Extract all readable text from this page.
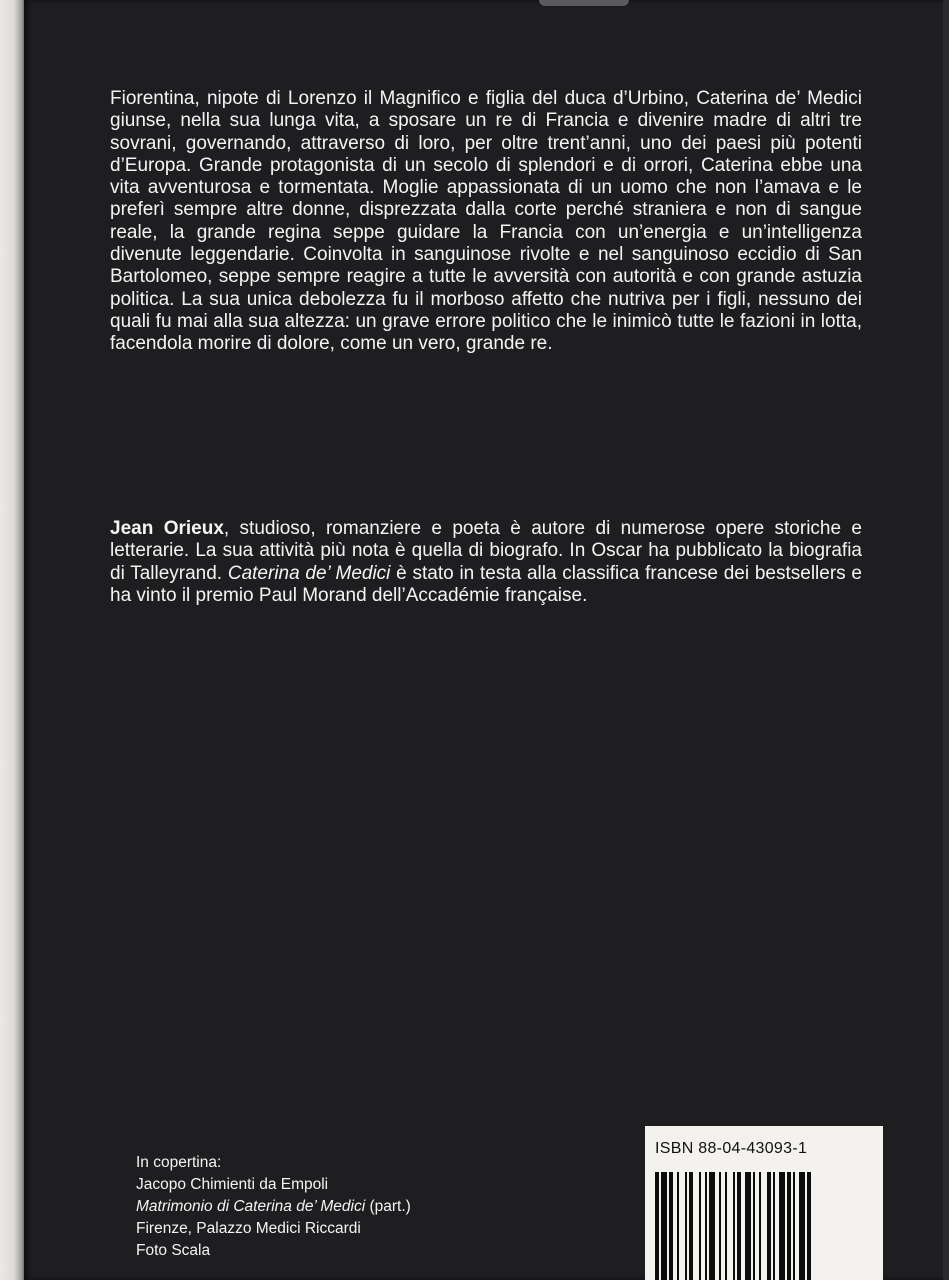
Fiorentina, nipote di Lorenzo il Magnifico e figlia del duca d’Urbino, Caterina de’ Medici giunse, nella sua lunga vita, a sposare un re di Francia e divenire madre di altri tre sovrani, governando, attraverso di loro, per oltre trent’anni, uno dei paesi più potenti d’Europa. Grande protagonista di un secolo di splendori e di orrori, Caterina ebbe una vita avventurosa e tormentata. Moglie appassionata di un uomo che non l’amava e le preferì sempre altre donne, disprezzata dalla corte perché straniera e non di sangue reale, la grande regina seppe guidare la Francia con un’energia e un’intelligenza divenute leggendarie. Coinvolta in sanguinose rivolte e nel sanguinoso eccidio di San Bartolomeo, seppe sempre reagire a tutte le avversità con autorità e con grande astuzia politica. La sua unica debolezza fu il morboso affetto che nutriva per i figli, nessuno dei quali fu mai alla sua altezza: un grave errore politico che le inimicò tutte le fazioni in lotta, facendola morire di dolore, come un vero, grande re.

Jean Orieux, studioso, romanziere e poeta è autore di numerose opere storiche e letterarie. La sua attività più nota è quella di biografo. In Oscar ha pubblicato la biografia di Talleyrand. Caterina de’ Medici è stato in testa alla classifica francese dei bestsellers e ha vinto il premio Paul Morand dell’Accadémie française.

In copertina:
Jacopo Chimienti da Empoli
Matrimonio di Caterina de’ Medici (part.)
Firenze, Palazzo Medici Riccardi
Foto Scala
ISBN 88-04-43093-1
